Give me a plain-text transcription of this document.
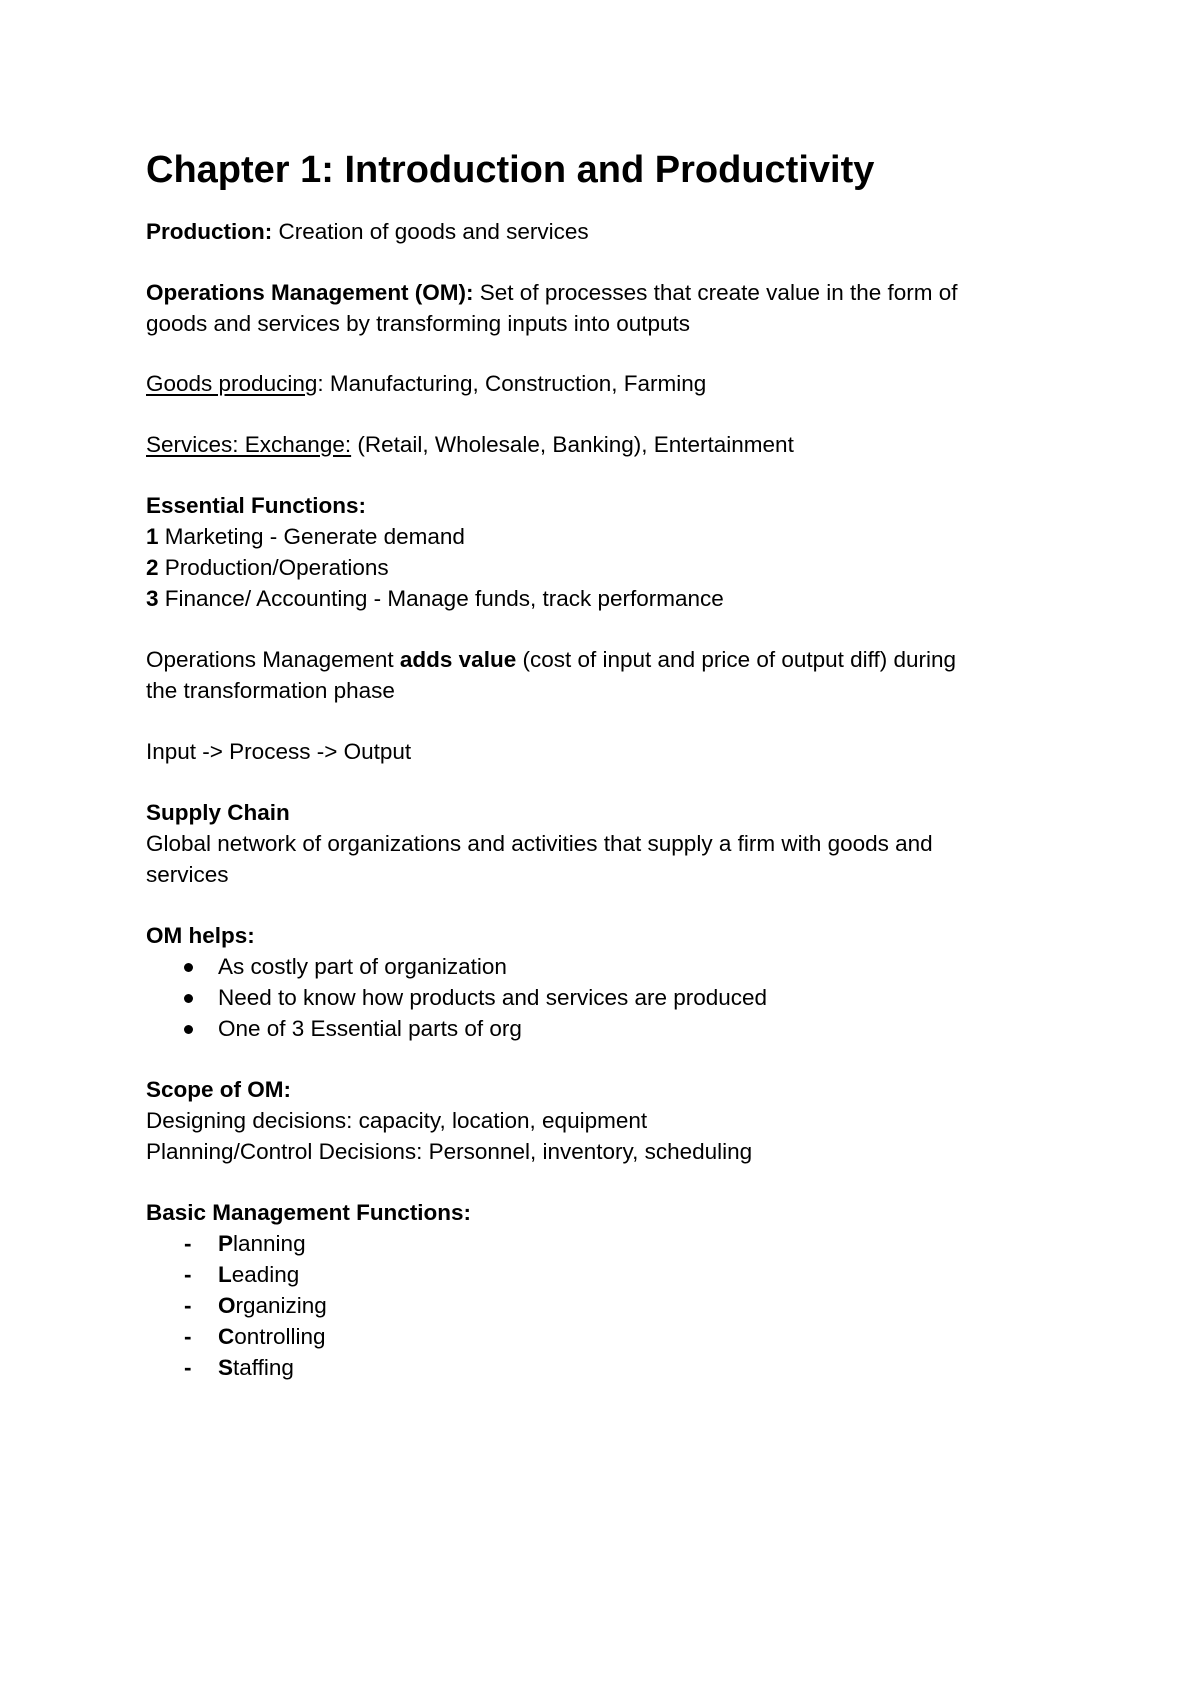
Chapter 1: Introduction and Productivity
Production: Creation of goods and services
Operations Management (OM): Set of processes that create value in the form of
goods and services by transforming inputs into outputs
Goods producing: Manufacturing, Construction, Farming
Services: Exchange: (Retail, Wholesale, Banking), Entertainment
Essential Functions:
1 Marketing - Generate demand
2 Production/Operations
3 Finance/ Accounting - Manage funds, track performance
Operations Management adds value (cost of input and price of output diff) during
the transformation phase
Input -> Process -> Output
Supply Chain
Global network of organizations and activities that supply a firm with goods and
services
OM helps:
As costly part of organization
Need to know how products and services are produced
One of 3 Essential parts of org
Scope of OM:
Designing decisions: capacity, location, equipment
Planning/Control Decisions: Personnel, inventory, scheduling
Basic Management Functions:
- Planning
- Leading
- Organizing
- Controlling
- Staffing
